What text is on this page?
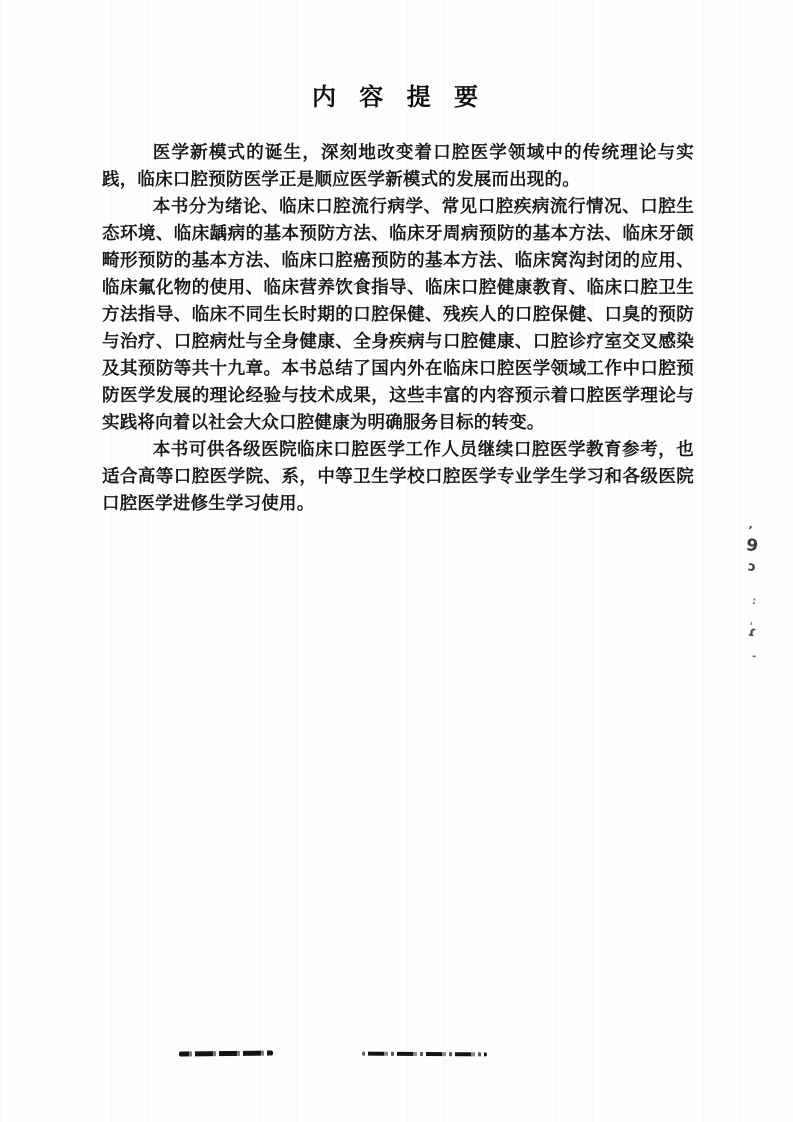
内 容 提 要

医学新模式的诞生，深刻地改变着口腔医学领域中的传统理论与实践，临床口腔预防医学正是顺应医学新模式的发展而出现的。

本书分为绪论、临床口腔流行病学、常见口腔疾病流行情况、口腔生态环境、临床龋病的基本预防方法、临床牙周病预防的基本方法、临床牙颌畸形预防的基本方法、临床口腔癌预防的基本方法、临床窝沟封闭的应用、临床氟化物的使用、临床营养饮食指导、临床口腔健康教育、临床口腔卫生方法指导、临床不同生长时期的口腔保健、残疾人的口腔保健、口臭的预防与治疗、口腔病灶与全身健康、全身疾病与口腔健康、口腔诊疗室交叉感染及其预防等共十九章。本书总结了国内外在临床口腔医学领域工作中口腔预防医学发展的理论经验与技术成果，这些丰富的内容预示着口腔医学理论与实践将向着以社会大众口腔健康为明确服务目标的转变。

本书可供各级医院临床口腔医学工作人员继续口腔医学教育参考，也适合高等口腔医学院、系，中等卫生学校口腔医学专业学生学习和各级医院口腔医学进修生学习使用。

’
9
ɔ
:
ˌ
ɾ
-
